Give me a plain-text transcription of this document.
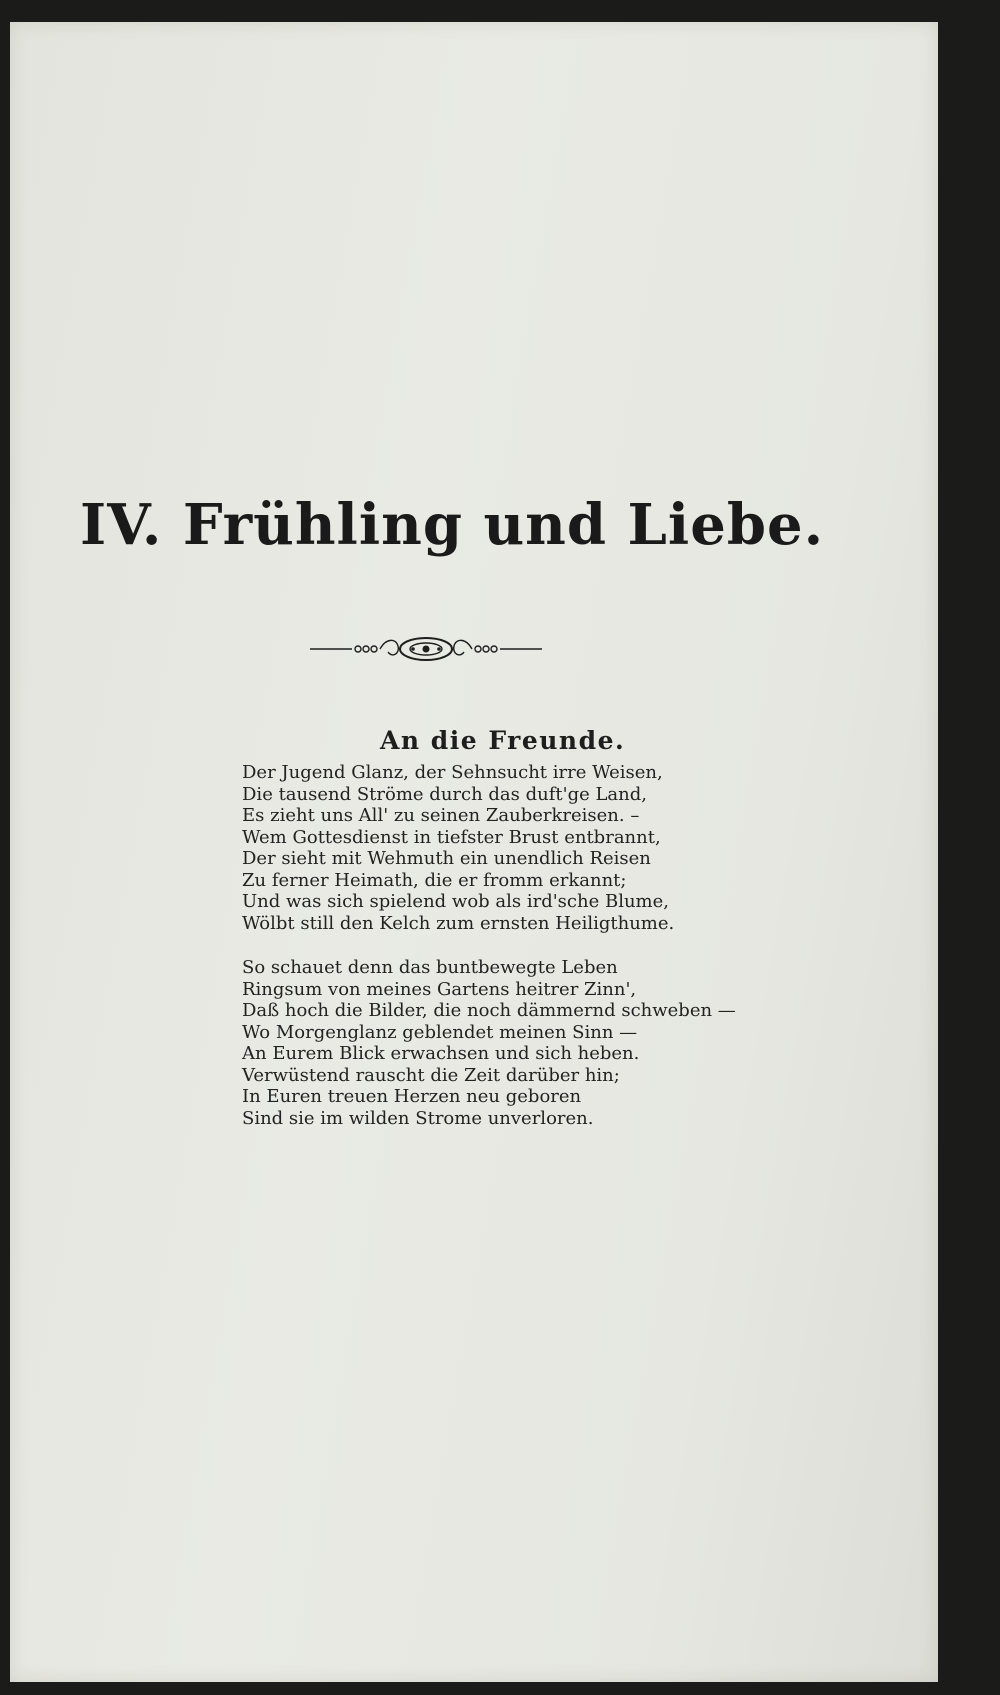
IV. Frühling und Liebe.
An die Freunde.
Der Jugend Glanz, der Sehnsucht irre Weisen,
Die tausend Ströme durch das duft'ge Land,
Es zieht uns All' zu seinen Zauberkreisen. –
Wem Gottesdienst in tiefster Brust entbrannt,
Der sieht mit Wehmuth ein unendlich Reisen
Zu ferner Heimath, die er fromm erkannt;
Und was sich spielend wob als ird'sche Blume,
Wölbt still den Kelch zum ernsten Heiligthume.
So schauet denn das buntbewegte Leben
Ringsum von meines Gartens heitrer Zinn',
Daß hoch die Bilder, die noch dämmernd schweben —
Wo Morgenglanz geblendet meinen Sinn —
An Eurem Blick erwachsen und sich heben.
Verwüstend rauscht die Zeit darüber hin;
In Euren treuen Herzen neu geboren
Sind sie im wilden Strome unverloren.
